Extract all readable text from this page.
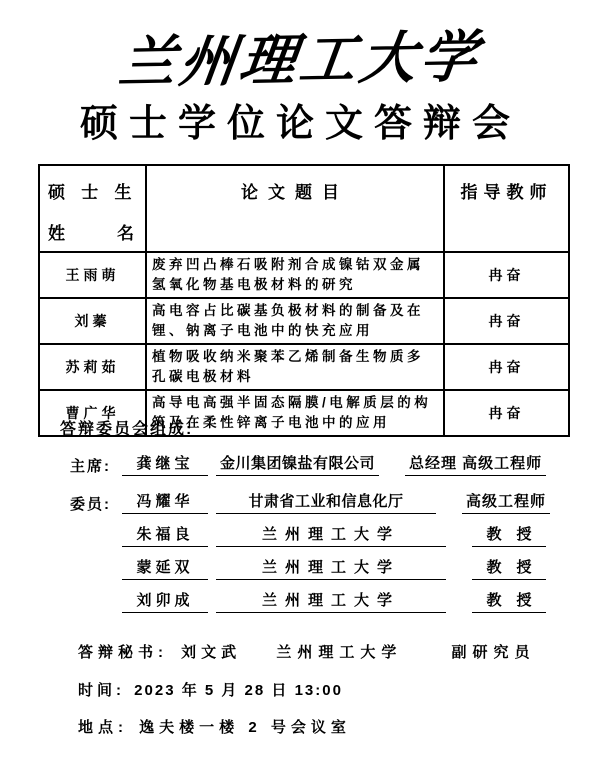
兰州理工大学
硕士学位论文答辩会
硕 士 生
姓　　名	论文题目	指导教师
王雨萌	废弃凹凸棒石吸附剂合成镍钴双金属氢氧化物基电极材料的研究	冉奋
刘蓁	高电容占比碳基负极材料的制备及在锂、钠离子电池中的快充应用	冉奋
苏莉茹	植物吸收纳米聚苯乙烯制备生物质多孔碳电极材料	冉奋
曹广华	高导电高强半固态隔膜/电解质层的构筑及在柔性锌离子电池中的应用	冉奋
答辩委员会组成:
主席:	龚继宝	金川集团镍盐有限公司 总经理 高级工程师
委员:	冯耀华	甘肃省工业和信息化厅	高级工程师
朱福良	兰州理工大学	教　授
蒙延双	兰州理工大学	教　授
刘卯成	兰州理工大学	教　授
答辩秘书: 刘文武 兰州理工大学	副研究员
时间: 2023 年 5 月 28 日 13:00
地点: 逸夫楼一楼 2 号会议室
